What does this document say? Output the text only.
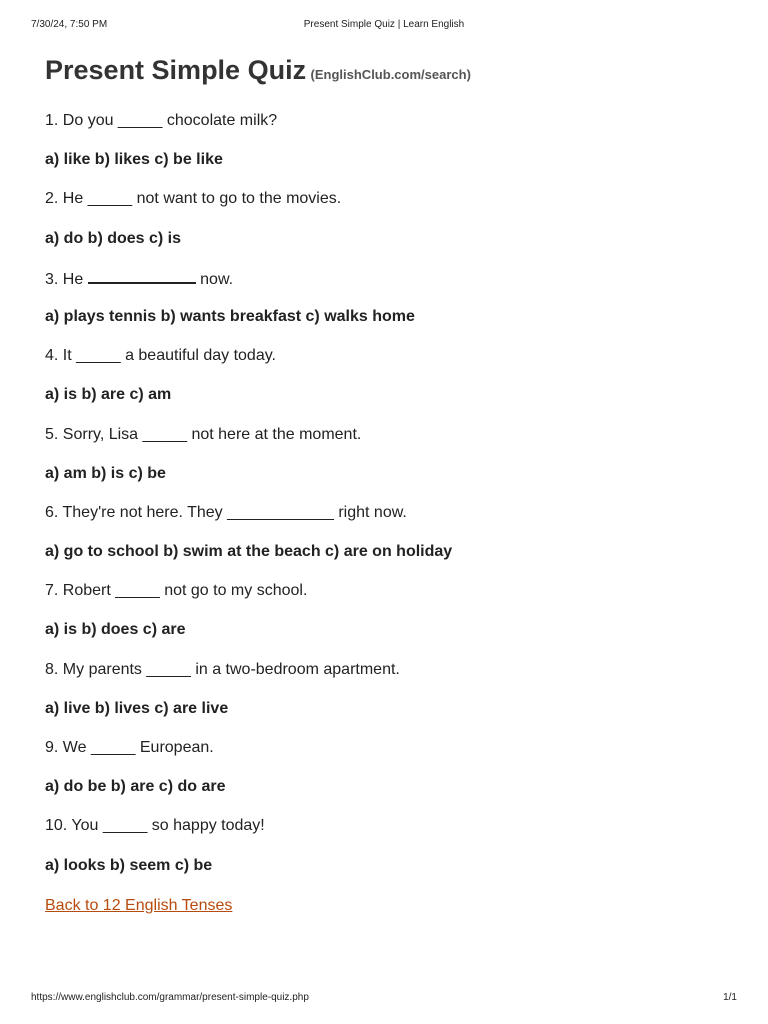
7/30/24, 7:50 PM	Present Simple Quiz | Learn English
Present Simple Quiz (EnglishClub.com/search)

1. Do you _____ chocolate milk?

a) like b) likes c) be like

2. He _____ not want to go to the movies.

a) do b) does c) is

3. He	now.

a) plays tennis b) wants breakfast c) walks home

4. It _____ a beautiful day today.

a) is b) are c) am

5. Sorry, Lisa _____ not here at the moment.

a) am b) is c) be

6. They're not here. They ____________ right now.

a) go to school b) swim at the beach c) are on holiday

7. Robert _____ not go to my school.

a) is b) does c) are

8. My parents _____ in a two-bedroom apartment.

a) live b) lives c) are live

9. We _____ European.

a) do be b) are c) do are

10. You _____ so happy today!

a) looks b) seem c) be

Back to 12 English Tenses
https://www.englishclub.com/grammar/present-simple-quiz.php	1/1
